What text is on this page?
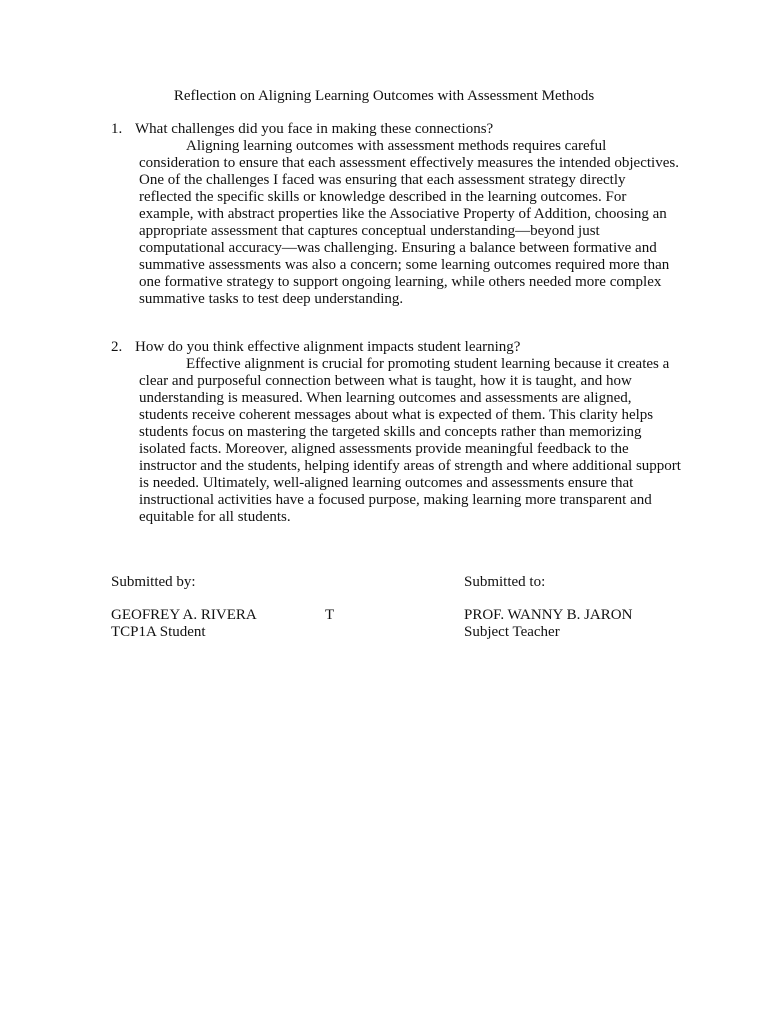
Reflection on Aligning Learning Outcomes with Assessment Methods
1. What challenges did you face in making these connections?

Aligning learning outcomes with assessment methods requires careful consideration to ensure that each assessment effectively measures the intended objectives. One of the challenges I faced was ensuring that each assessment strategy directly reflected the specific skills or knowledge described in the learning outcomes. For example, with abstract properties like the Associative Property of Addition, choosing an appropriate assessment that captures conceptual understanding—beyond just computational accuracy—was challenging. Ensuring a balance between formative and summative assessments was also a concern; some learning outcomes required more than one formative strategy to support ongoing learning, while others needed more complex summative tasks to test deep understanding.

2. How do you think effective alignment impacts student learning?

Effective alignment is crucial for promoting student learning because it creates a clear and purposeful connection between what is taught, how it is taught, and how understanding is measured. When learning outcomes and assessments are aligned, students receive coherent messages about what is expected of them. This clarity helps students focus on mastering the targeted skills and concepts rather than memorizing isolated facts. Moreover, aligned assessments provide meaningful feedback to the instructor and the students, helping identify areas of strength and where additional support is needed. Ultimately, well-aligned learning outcomes and assessments ensure that instructional activities have a focused purpose, making learning more transparent and equitable for all students.

Submitted by:
GEOFREY A. RIVERA
TCP1A Student
T
Submitted to:
PROF. WANNY B. JARON
Subject Teacher
